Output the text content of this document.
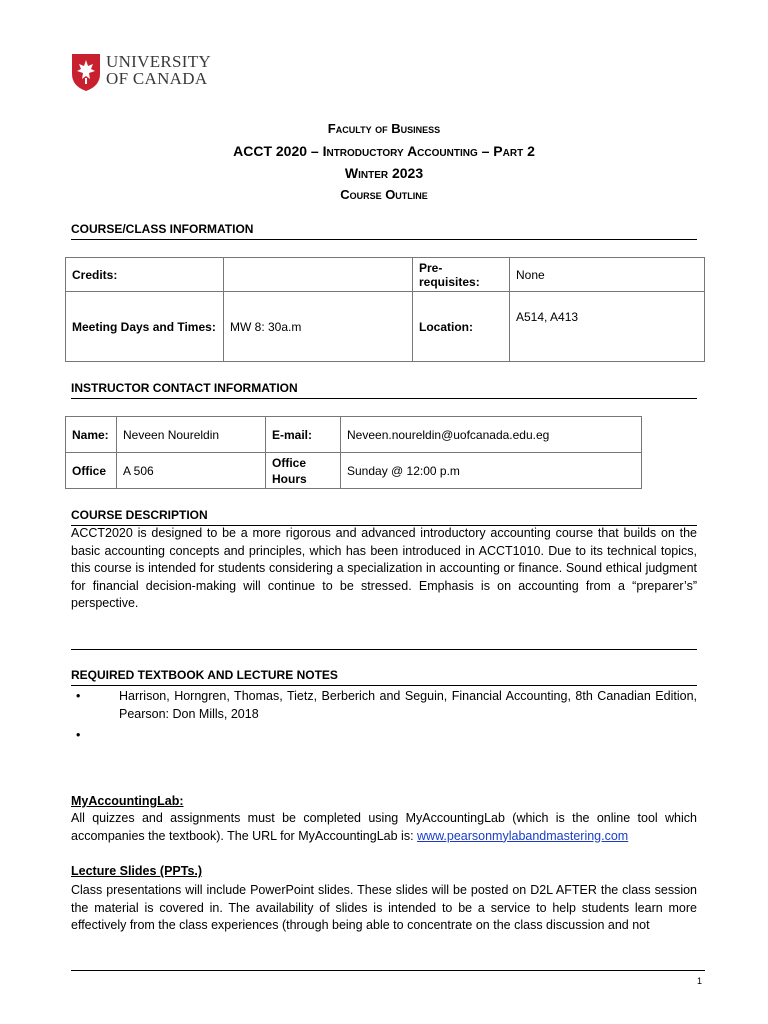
UNIVERSITY
OF CANADA
Faculty of Business
ACCT 2020 – Introductory Accounting – Part 2
Winter 2023
Course Outline
COURSE/CLASS INFORMATION
Credits:		Pre-requisites:	None
Meeting Days and Times:	MW 8: 30a.m	Location:	A514, A413
INSTRUCTOR CONTACT INFORMATION
Name:	Neveen Noureldin	E-mail:	Neveen.noureldin@uofcanada.edu.eg
Office	A 506	Office Hours	Sunday @ 12:00 p.m
COURSE DESCRIPTION
ACCT2020 is designed to be a more rigorous and advanced introductory accounting course that builds on the basic accounting concepts and principles, which has been introduced in ACCT1010. Due to its technical topics, this course is intended for students considering a specialization in accounting or finance. Sound ethical judgment for financial decision-making will continue to be stressed. Emphasis is on accounting from a “preparer’s” perspective.
REQUIRED TEXTBOOK AND LECTURE NOTES
•	Harrison, Horngren, Thomas, Tietz, Berberich and Seguin, Financial Accounting, 8th Canadian Edition, Pearson: Don Mills, 2018
•
MyAccountingLab:
All quizzes and assignments must be completed using MyAccountingLab (which is the online tool which accompanies the textbook). The URL for MyAccountingLab is: www.pearsonmylabandmastering.com
Lecture Slides (PPTs.)
Class presentations will include PowerPoint slides. These slides will be posted on D2L AFTER the class session the material is covered in. The availability of slides is intended to be a service to help students learn more effectively from the class experiences (through being able to concentrate on the class discussion and not
1
